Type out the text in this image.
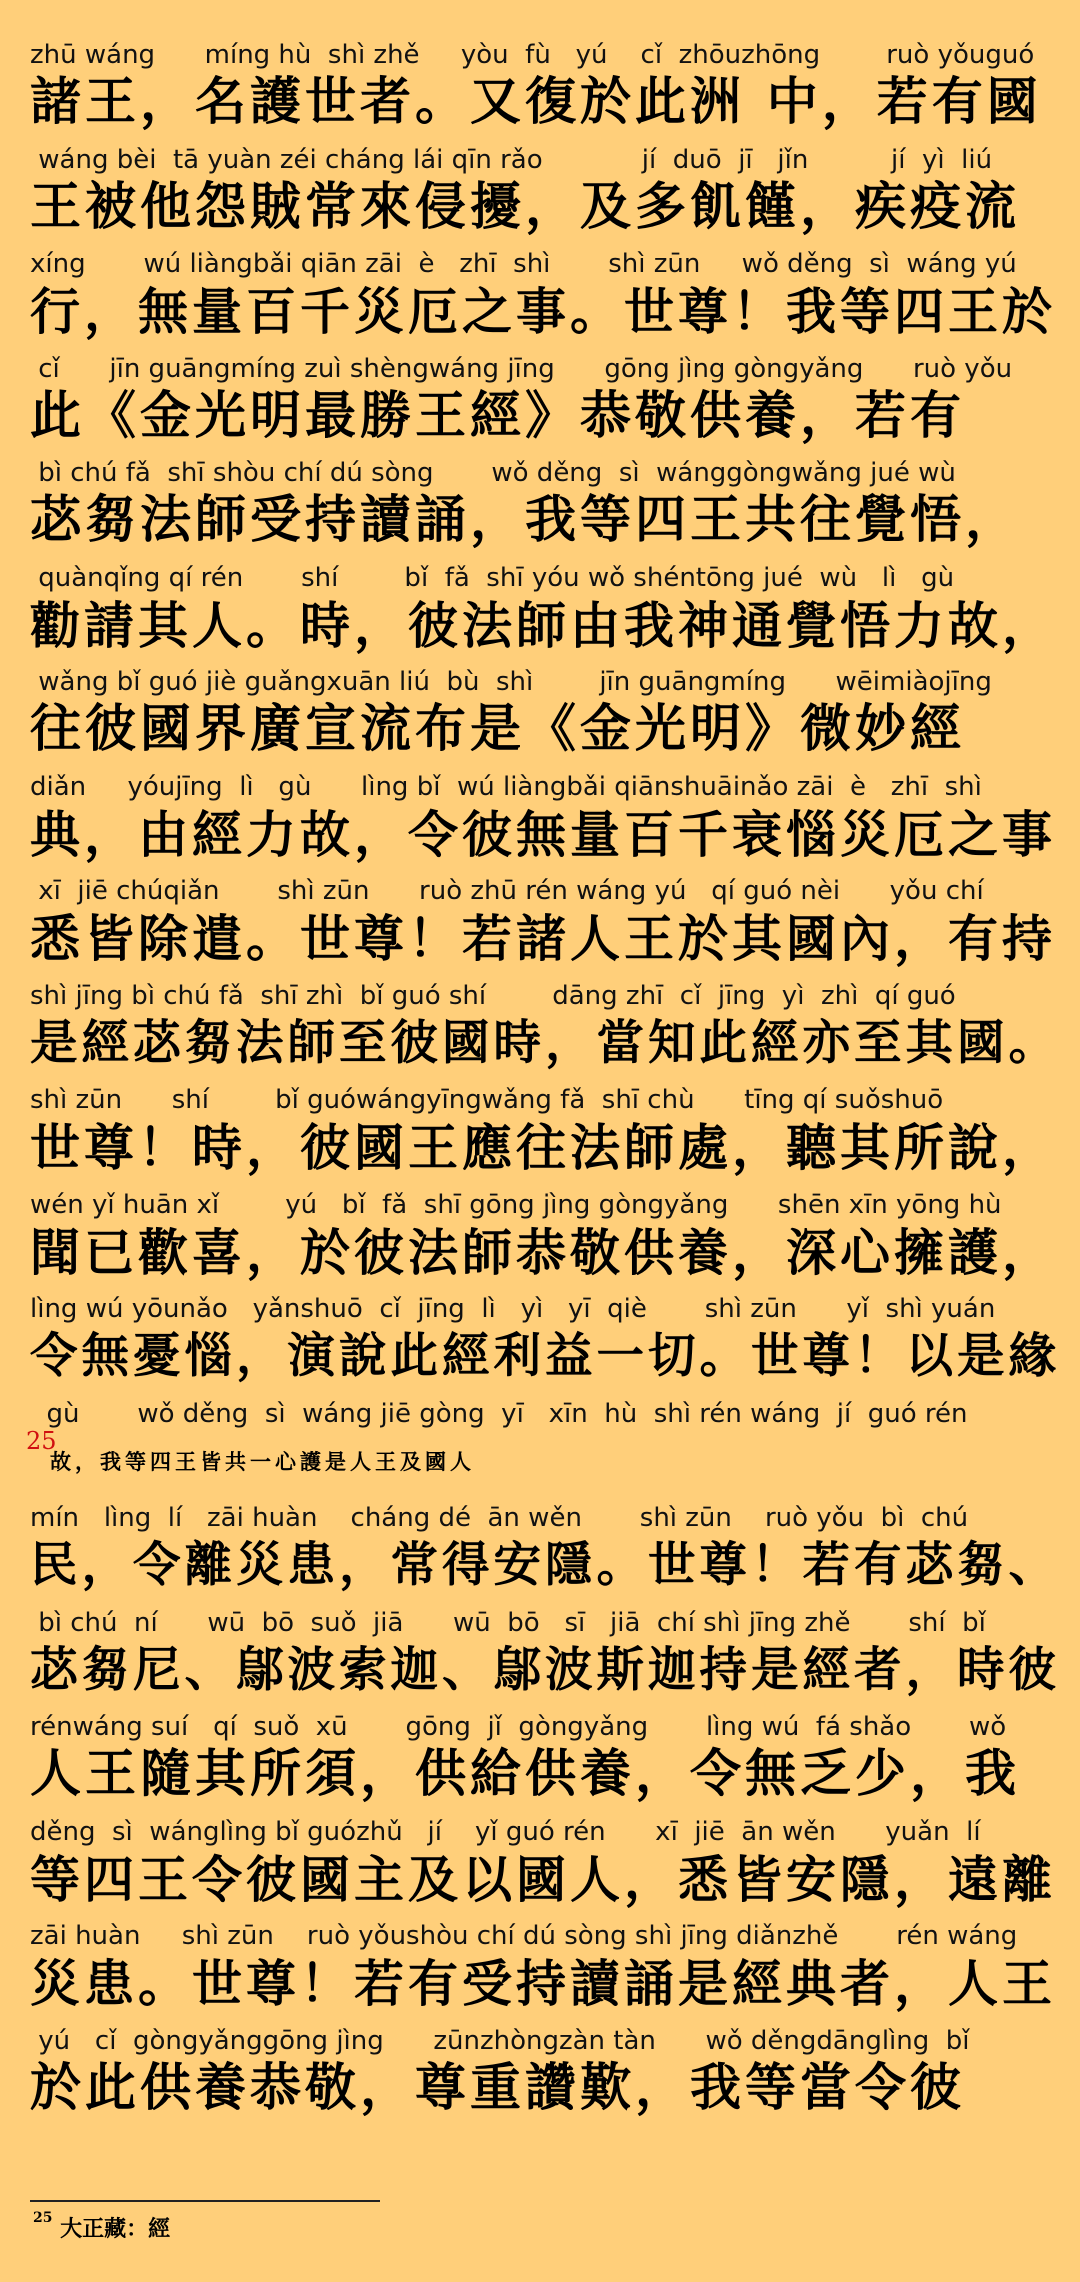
zhū wáng      míng hù  shì zhě     yòu  fù   yú    cǐ  zhōuzhōng        ruò yǒuguó
諸王，名護世者。又復於此洲 中，若有國
wáng bèi  tā yuàn zéi cháng lái qīn rǎo            jí  duō  jī   jǐn          jí  yì  liú
王被他怨賊常來侵擾，及多飢饉，疾疫流
xíng       wú liàngbǎi qiān zāi  è   zhī  shì       shì zūn     wǒ děng  sì  wáng yú
行，無量百千災厄之事。世尊！我等四王於
cǐ      jīn guāngmíng zuì shèngwáng jīng      gōng jìng gòngyǎng      ruò yǒu
此《金光明最勝王經》恭敬供養，若有
bì chú fǎ  shī shòu chí dú sòng       wǒ děng  sì  wánggòngwǎng jué wù
苾芻法師受持讀誦，我等四王共往覺悟，
quànqǐng qí rén       shí        bǐ  fǎ  shī yóu wǒ shéntōng jué  wù   lì   gù
勸請其人。時，彼法師由我神通覺悟力故，
wǎng bǐ guó jiè guǎngxuān liú  bù  shì        jīn guāngmíng      wēimiàojīng
往彼國界廣宣流布是《金光明》微妙經
diǎn     yóujīng  lì   gù      lìng bǐ  wú liàngbǎi qiānshuāinǎo zāi  è   zhī  shì
典，由經力故，令彼無量百千衰惱災厄之事
xī  jiē chúqiǎn       shì zūn      ruò zhū rén wáng yú   qí guó nèi      yǒu chí
悉皆除遣。世尊！若諸人王於其國內，有持
shì jīng bì chú fǎ  shī zhì  bǐ guó shí        dāng zhī  cǐ  jīng  yì  zhì  qí guó
是經苾芻法師至彼國時，當知此經亦至其國。
shì zūn      shí        bǐ guówángyīngwǎng fǎ  shī chù      tīng qí suǒshuō
世尊！時，彼國王應往法師處，聽其所說，
wén yǐ huān xǐ        yú   bǐ  fǎ  shī gōng jìng gòngyǎng      shēn xīn yōng hù
聞已歡喜，於彼法師恭敬供養，深心擁護，
lìng wú yōunǎo   yǎnshuō  cǐ  jīng  lì   yì   yī  qiè       shì zūn      yǐ  shì yuán
令無憂惱，演說此經利益一切。世尊！以是緣
25
gù       wǒ děng  sì  wáng jiē gòng  yī   xīn  hù  shì rén wáng  jí  guó rén
故，我等四王皆共一心護是人王及國人
mín   lìng  lí   zāi huàn    cháng dé  ān wěn       shì zūn    ruò yǒu  bì  chú
民，令離災患，常得安隱。世尊！若有苾芻、
bì chú  ní      wū  bō  suǒ  jiā      wū  bō   sī   jiā  chí shì jīng zhě       shí  bǐ
苾芻尼、鄔波索迦、鄔波斯迦持是經者，時彼
rénwáng suí   qí  suǒ  xū       gōng  jǐ  gòngyǎng       lìng wú  fá shǎo       wǒ
人王隨其所須，供給供養，令無乏少，我
děng  sì  wánglìng bǐ guózhǔ   jí    yǐ guó rén      xī  jiē  ān wěn      yuǎn  lí
等四王令彼國主及以國人，悉皆安隱，遠離
zāi huàn     shì zūn    ruò yǒushòu chí dú sòng shì jīng diǎnzhě       rén wáng
災患。世尊！若有受持讀誦是經典者，人王
yú   cǐ  gòngyǎnggōng jìng      zūnzhòngzàn tàn      wǒ děngdānglìng  bǐ
於此供養恭敬，尊重讚歎，我等當令彼
$^{25}$ 大正藏：經
